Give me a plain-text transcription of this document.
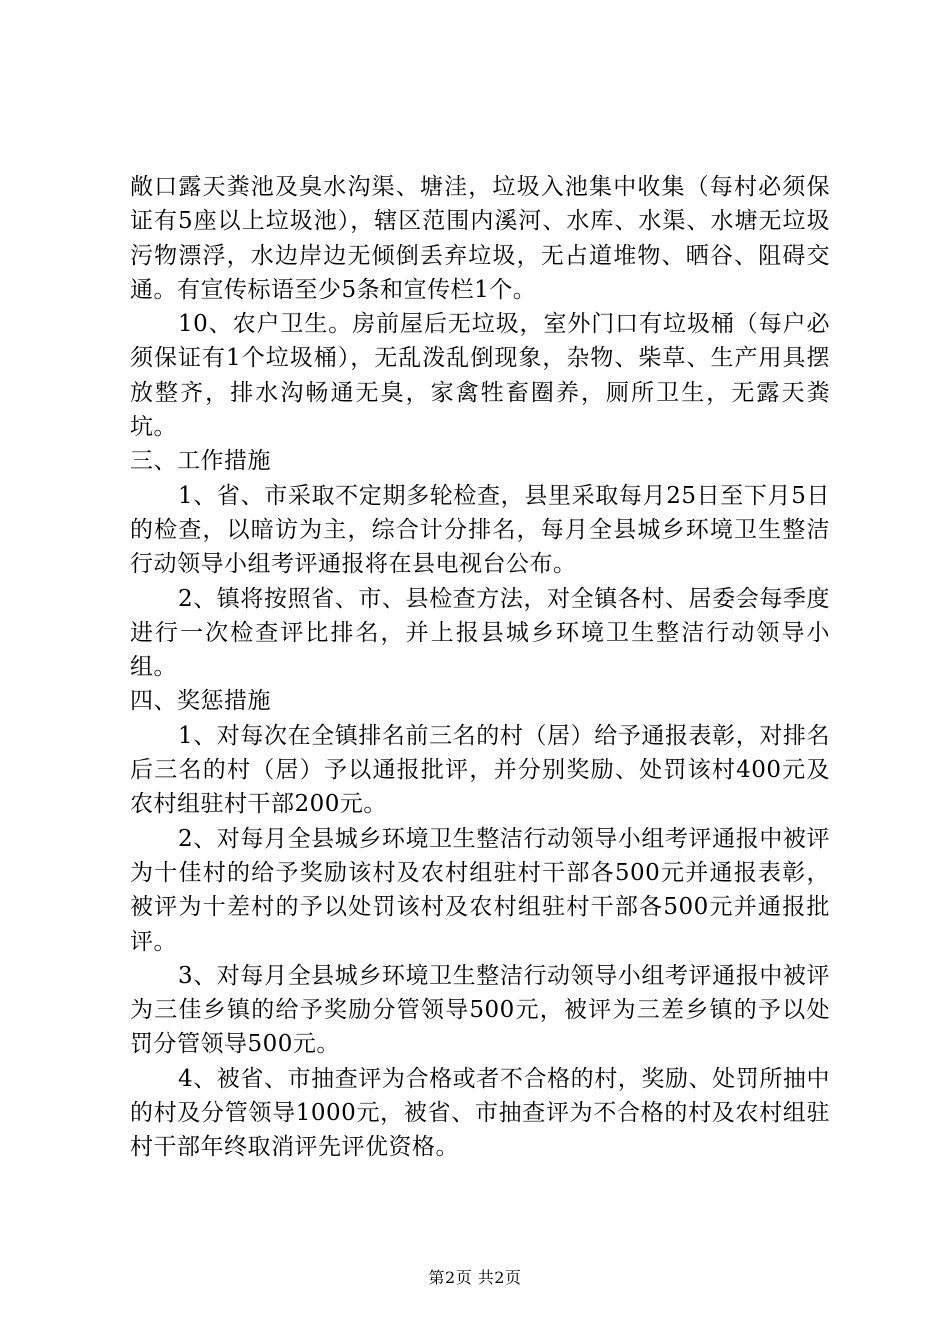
敞口露天粪池及臭水沟渠、塘洼，垃圾入池集中收集（每村必须保证有5座以上垃圾池），辖区范围内溪河、水库、水渠、水塘无垃圾污物漂浮，水边岸边无倾倒丢弃垃圾，无占道堆物、晒谷、阻碍交通。有宣传标语至少5条和宣传栏1个。

10、农户卫生。房前屋后无垃圾，室外门口有垃圾桶（每户必须保证有1个垃圾桶），无乱泼乱倒现象，杂物、柴草、生产用具摆放整齐，排水沟畅通无臭，家禽牲畜圈养，厕所卫生，无露天粪坑。

三、工作措施

1、省、市采取不定期多轮检查，县里采取每月25日至下月5日的检查，以暗访为主，综合计分排名，每月全县城乡环境卫生整洁行动领导小组考评通报将在县电视台公布。

2、镇将按照省、市、县检查方法，对全镇各村、居委会每季度进行一次检查评比排名，并上报县城乡环境卫生整洁行动领导小组。

四、奖惩措施

1、对每次在全镇排名前三名的村（居）给予通报表彰，对排名后三名的村（居）予以通报批评，并分别奖励、处罚该村400元及农村组驻村干部200元。

2、对每月全县城乡环境卫生整洁行动领导小组考评通报中被评为十佳村的给予奖励该村及农村组驻村干部各500元并通报表彰，被评为十差村的予以处罚该村及农村组驻村干部各500元并通报批评。

3、对每月全县城乡环境卫生整洁行动领导小组考评通报中被评为三佳乡镇的给予奖励分管领导500元，被评为三差乡镇的予以处罚分管领导500元。

4、被省、市抽查评为合格或者不合格的村，奖励、处罚所抽中的村及分管领导1000元，被省、市抽查评为不合格的村及农村组驻村干部年终取消评先评优资格。

第2页 共2页
